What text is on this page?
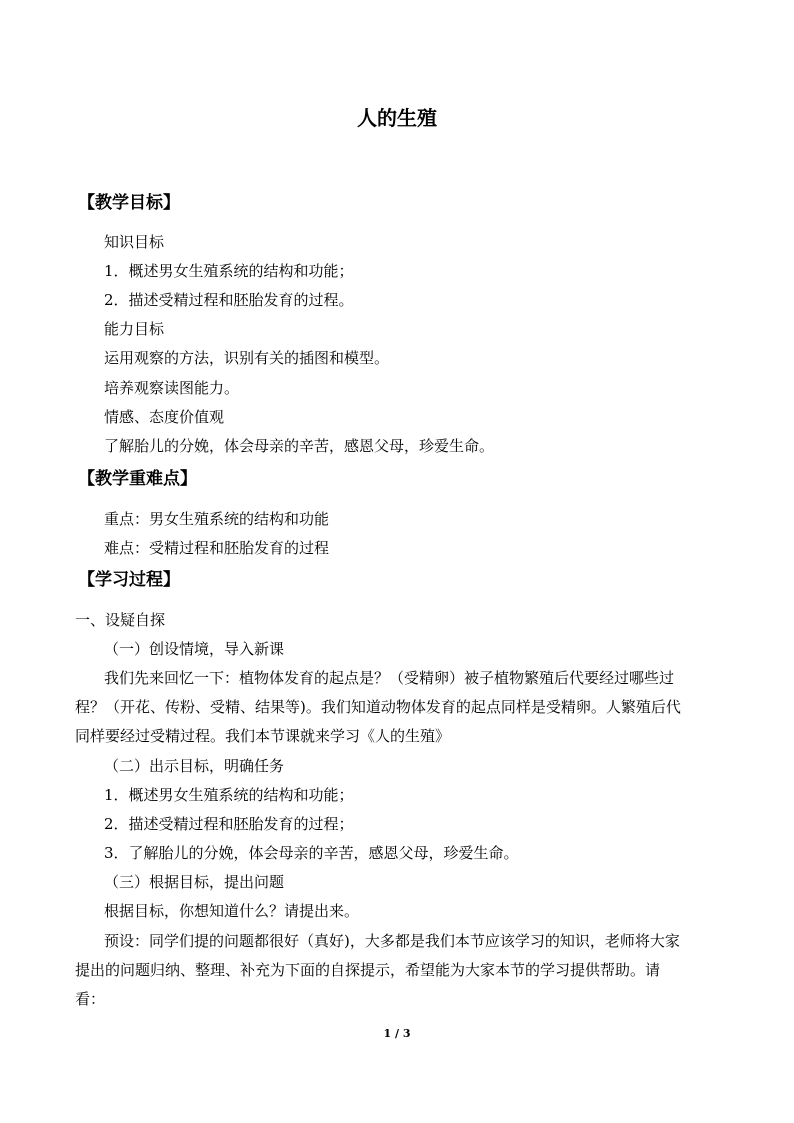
人的生殖
【教学目标】
知识目标
1．概述男女生殖系统的结构和功能；
2．描述受精过程和胚胎发育的过程。
能力目标
运用观察的方法，识别有关的插图和模型。
培养观察读图能力。
情感、态度价值观
了解胎儿的分娩，体会母亲的辛苦，感恩父母，珍爱生命。
【教学重难点】
重点：男女生殖系统的结构和功能
难点：受精过程和胚胎发育的过程
【学习过程】
一、设疑自探
（一）创设情境，导入新课
我们先来回忆一下：植物体发育的起点是？（受精卵）被子植物繁殖后代要经过哪些过
程？（开花、传粉、受精、结果等)。我们知道动物体发育的起点同样是受精卵。人繁殖后代
同样要经过受精过程。我们本节课就来学习《人的生殖》
（二）出示目标，明确任务
1．概述男女生殖系统的结构和功能；
2．描述受精过程和胚胎发育的过程；
3．了解胎儿的分娩，体会母亲的辛苦，感恩父母，珍爱生命。
（三）根据目标，提出问题
根据目标，你想知道什么？请提出来。
预设：同学们提的问题都很好（真好)，大多都是我们本节应该学习的知识，老师将大家
提出的问题归纳、整理、补充为下面的自探提示，希望能为大家本节的学习提供帮助。请
看：
1 / 3
